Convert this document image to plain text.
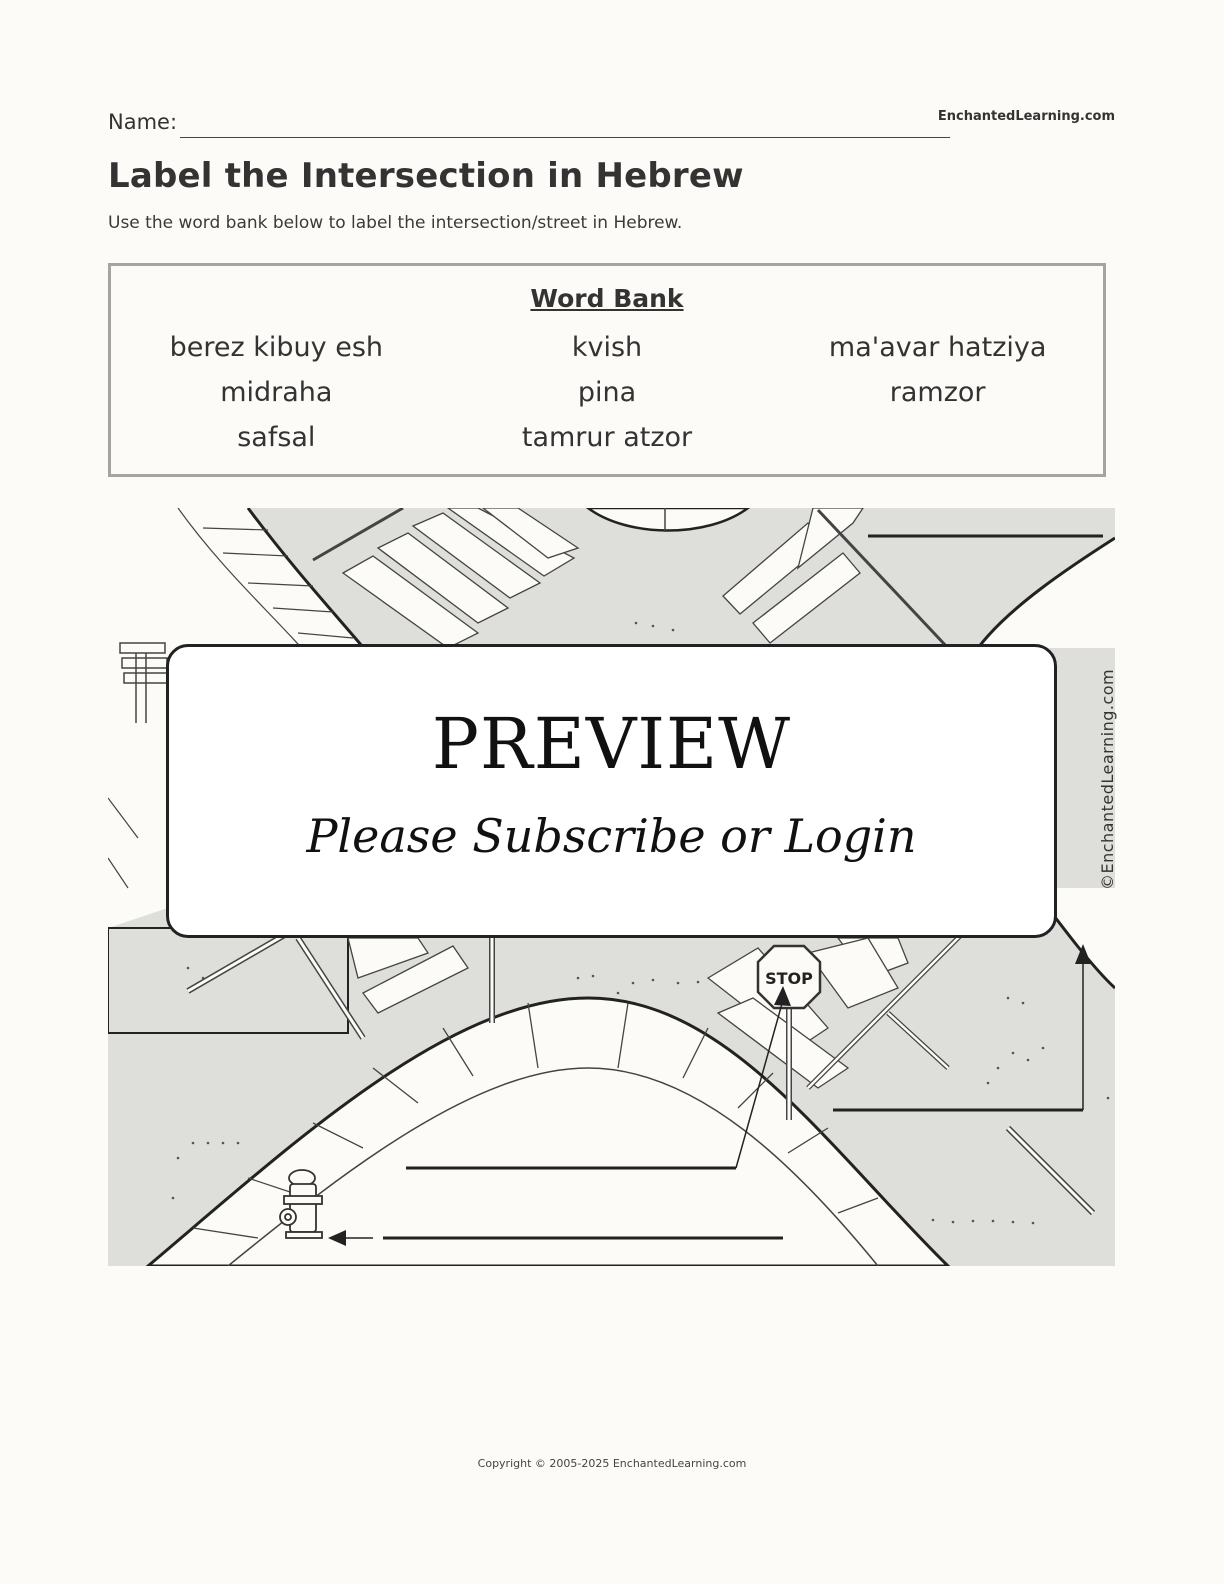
Name:	EnchantedLearning.com
Label the Intersection in Hebrew
Use the word bank below to label the intersection/street in Hebrew.
Word Bank
berez kibuy esh	kvish	ma'avar hatziya
midraha	pina	ramzor
safsal	tamrur atzor
STOP
PREVIEW
Please Subscribe or Login	©EnchantedLearning.com
Copyright © 2005-2025 EnchantedLearning.com
